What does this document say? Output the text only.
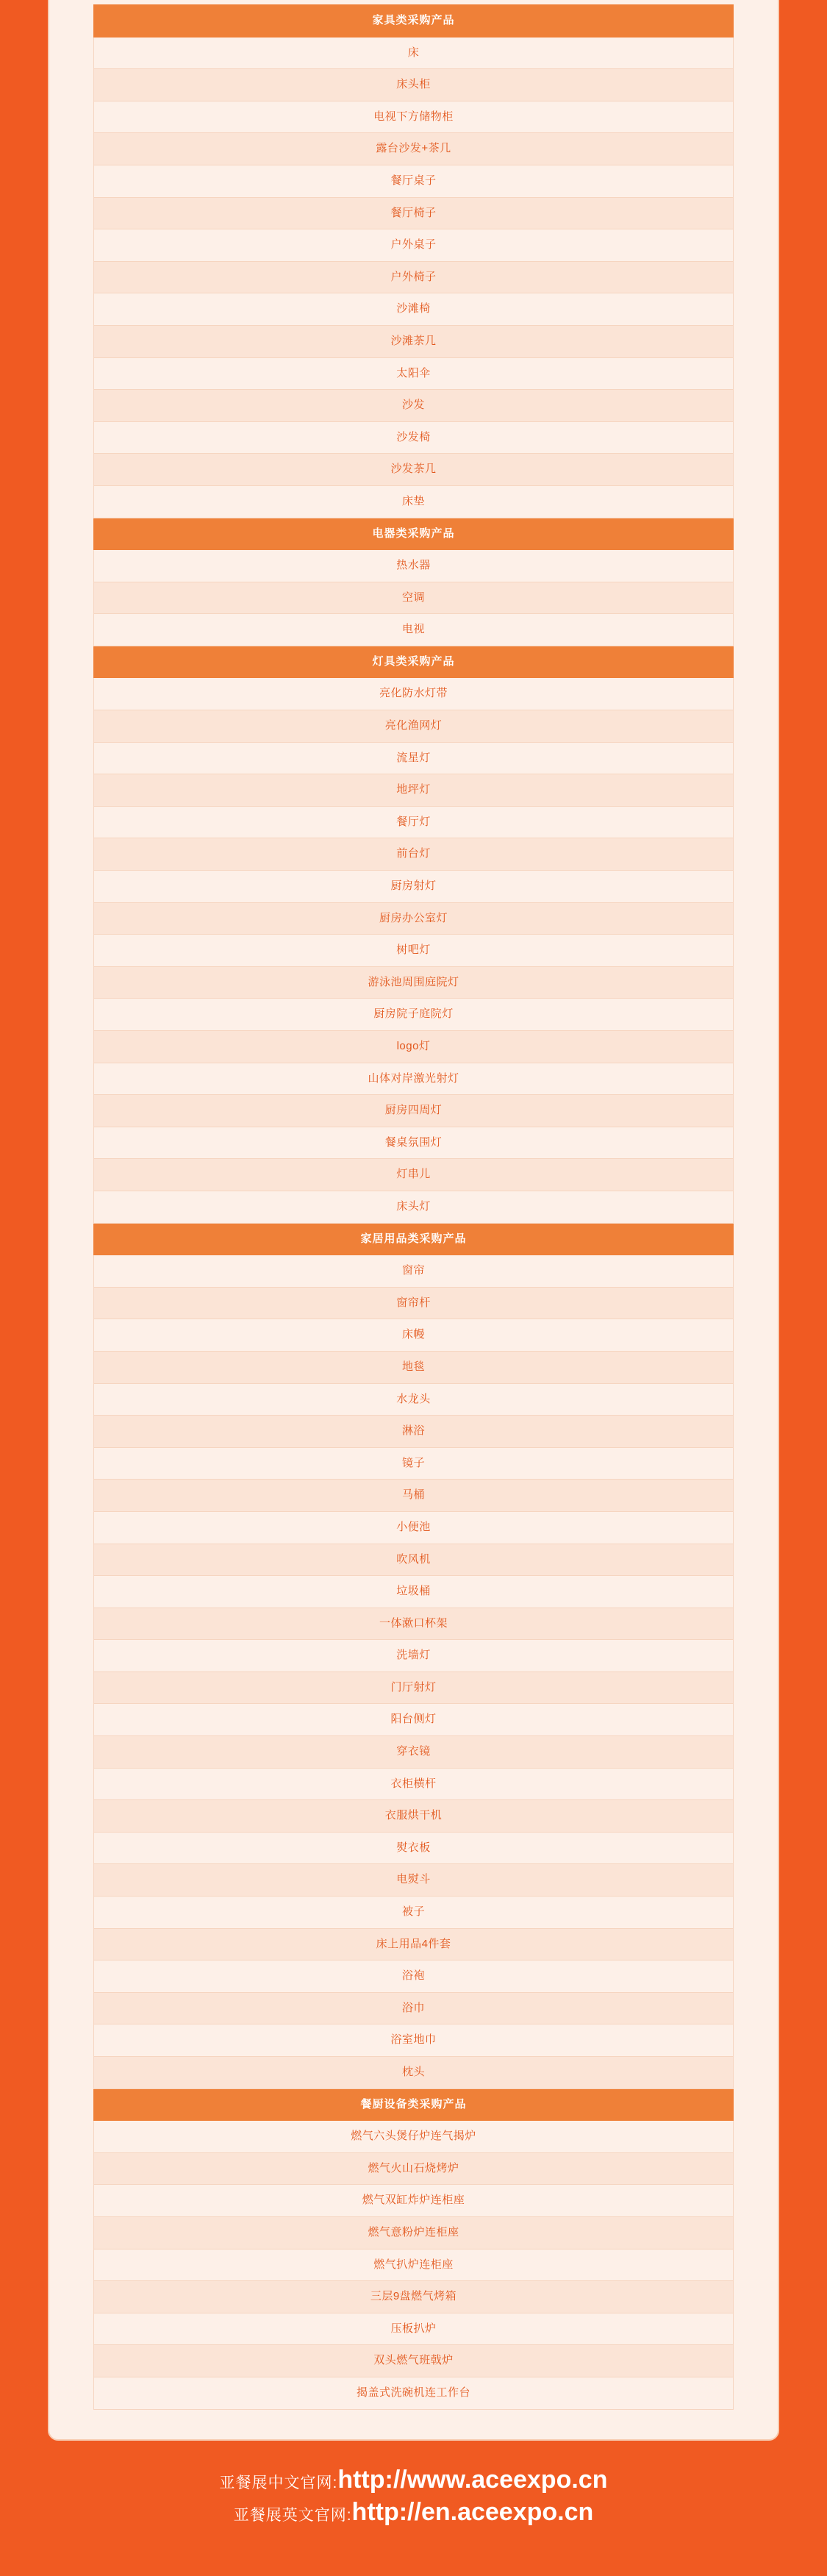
家具类采购产品
床
床头柜
电视下方储物柜
露台沙发+茶几
餐厅桌子
餐厅椅子
户外桌子
户外椅子
沙滩椅
沙滩茶几
太阳伞
沙发
沙发椅
沙发茶几
床垫
电器类采购产品
热水器
空调
电视
灯具类采购产品
亮化防水灯带
亮化渔网灯
流星灯
地坪灯
餐厅灯
前台灯
厨房射灯
厨房办公室灯
树吧灯
游泳池周围庭院灯
厨房院子庭院灯
logo灯
山体对岸激光射灯
厨房四周灯
餐桌氛围灯
灯串儿
床头灯
家居用品类采购产品
窗帘
窗帘杆
床幔
地毯
水龙头
淋浴
镜子
马桶
小便池
吹风机
垃圾桶
一体漱口杯架
洗墙灯
门厅射灯
阳台侧灯
穿衣镜
衣柜横杆
衣服烘干机
熨衣板
电熨斗
被子
床上用品4件套
浴袍
浴巾
浴室地巾
枕头
餐厨设备类采购产品
燃气六头煲仔炉连气揭炉
燃气火山石烧烤炉
燃气双缸炸炉连柜座
燃气意粉炉连柜座
燃气扒炉连柜座
三层9盘燃气烤箱
压板扒炉
双头燃气班戟炉
揭盖式洗碗机连工作台
亚餐展中文官网:http://www.aceexpo.cn
亚餐展英文官网:http://en.aceexpo.cn
